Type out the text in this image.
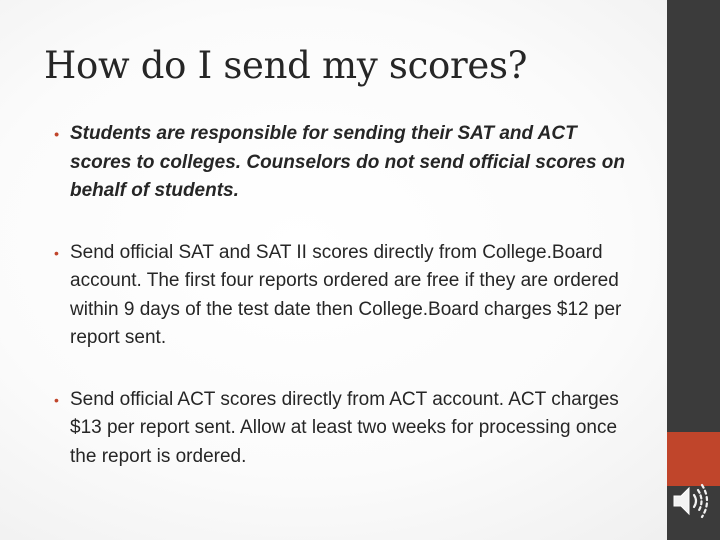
How do I send my scores?
• Students are responsible for sending their SAT and ACT scores to colleges. Counselors do not send official scores on behalf of students.
• Send official SAT and SAT II scores directly from College.Board account. The first four reports ordered are free if they are ordered within 9 days of the test date then College.Board charges $12 per report sent.
• Send official ACT scores directly from ACT account. ACT charges $13 per report sent. Allow at least two weeks for processing once the report is ordered.
